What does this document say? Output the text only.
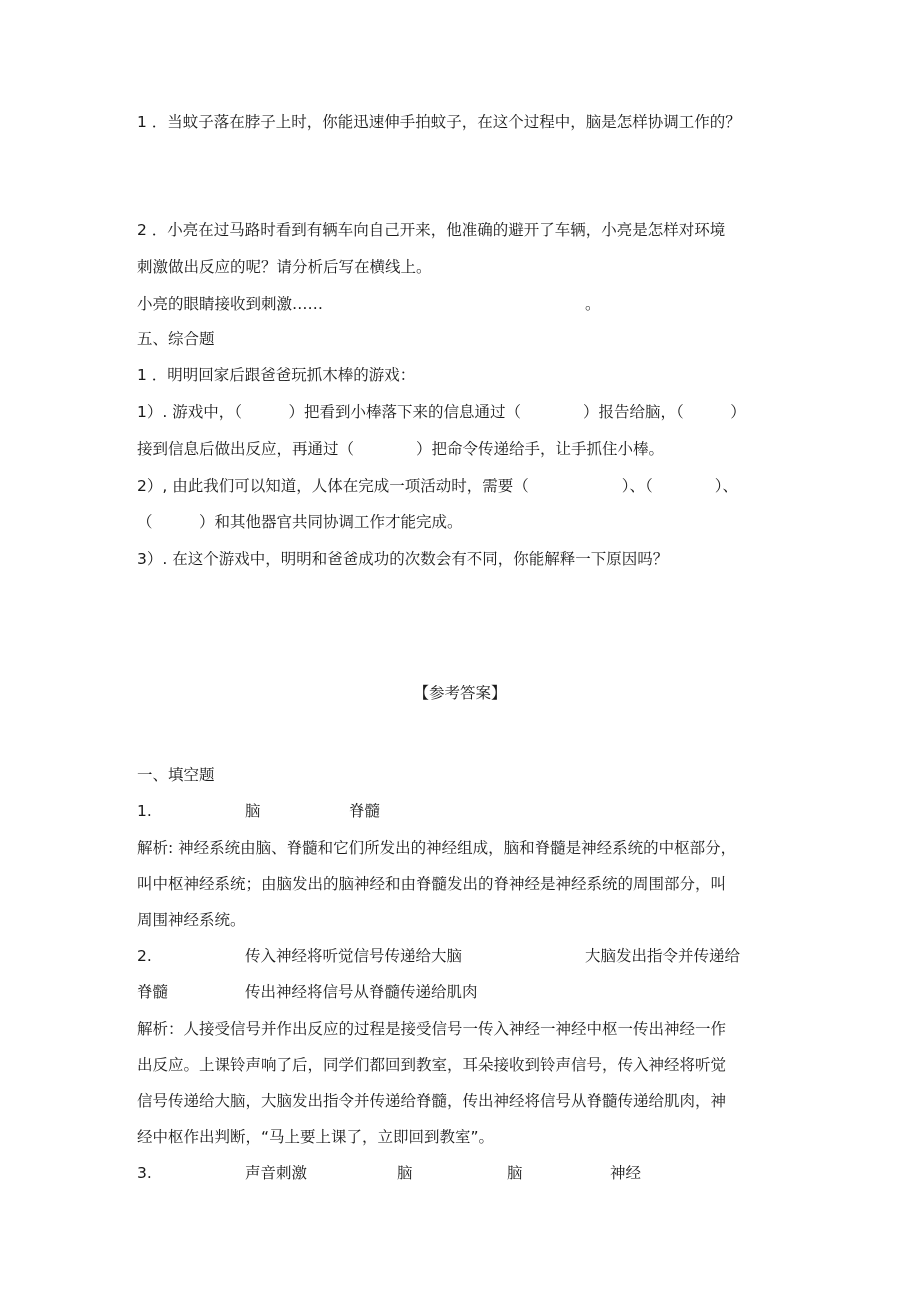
1 ．当蚊子落在脖子上时，你能迅速伸手拍蚊子，在这个过程中，脑是怎样协调工作的？
2 ．小亮在过马路时看到有辆车向自己开来，他准确的避开了车辆，小亮是怎样对环境
刺激做出反应的呢？请分析后写在横线上。
小亮的眼睛接收到刺激……	。
五、综合题
1 ．明明回家后跟爸爸玩抓木棒的游戏：
1）. 游戏中，（　　　）把看到小棒落下来的信息通过（　　　　）报告给脑，（　　　）
接到信息后做出反应，再通过（　　　　）把命令传递给手，让手抓住小棒。
2）, 由此我们可以知道，人体在完成一项活动时，需要（　　　　　　）、（　　　　）、
（　　　）和其他器官共同协调工作才能完成。
3）. 在这个游戏中，明明和爸爸成功的次数会有不同，你能解释一下原因吗？
【参考答案】
一、填空题
1.	脑	脊髓
解析: 神经系统由脑、脊髓和它们所发出的神经组成，脑和脊髓是神经系统的中枢部分，
叫中枢神经系统；由脑发出的脑神经和由脊髓发出的脊神经是神经系统的周围部分，叫
周围神经系统。
2.	传入神经将听觉信号传递给大脑	大脑发出指令并传递给
脊髓	传出神经将信号从脊髓传递给肌肉
解析：人接受信号并作出反应的过程是接受信号一传入神经一神经中枢一传出神经一作
出反应。上课铃声响了后，同学们都回到教室，耳朵接收到铃声信号，传入神经将听觉
信号传递给大脑，大脑发出指令并传递给脊髓，传出神经将信号从脊髓传递给肌肉，神
经中枢作出判断，“马上要上课了，立即回到教室”。
3.	声音刺激	脑	脑	神经
